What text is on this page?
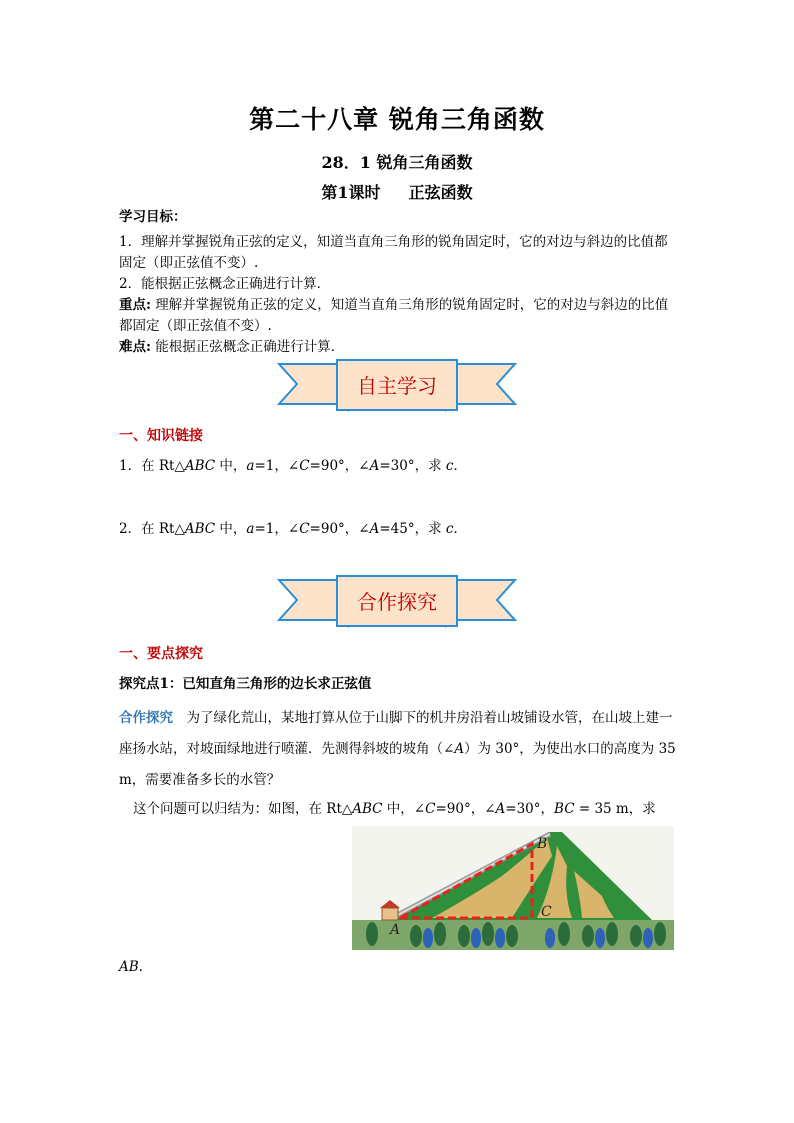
第二十八章 锐角三角函数
28．1 锐角三角函数
第1课时 正弦函数
学习目标：
1．理解并掌握锐角正弦的定义，知道当直角三角形的锐角固定时，它的对边与斜边的比值都固定（即正弦值不变）.
2．能根据正弦概念正确进行计算．
重点: 理解并掌握锐角正弦的定义，知道当直角三角形的锐角固定时，它的对边与斜边的比值都固定（即正弦值不变）.
难点: 能根据正弦概念正确进行计算．
自主学习
一、知识链接
1．在 Rt△ABC 中，a=1，∠C=90°，∠A=30°，求 c．
2．在 Rt△ABC 中，a=1，∠C=90°，∠A=45°，求 c．
合作探究
一、要点探究
探究点1：已知直角三角形的边长求正弦值
合作探究　为了绿化荒山，某地打算从位于山脚下的机井房沿着山坡铺设水管，在山坡上建一座扬水站，对坡面绿地进行喷灌．先测得斜坡的坡角（∠A）为 30°，为使出水口的高度为 35 m，需要准备多长的水管？
这个问题可以归结为：如图，在 Rt△ABC 中，∠C=90°，∠A=30°，BC = 35 m，求
A
B
C
AB.
